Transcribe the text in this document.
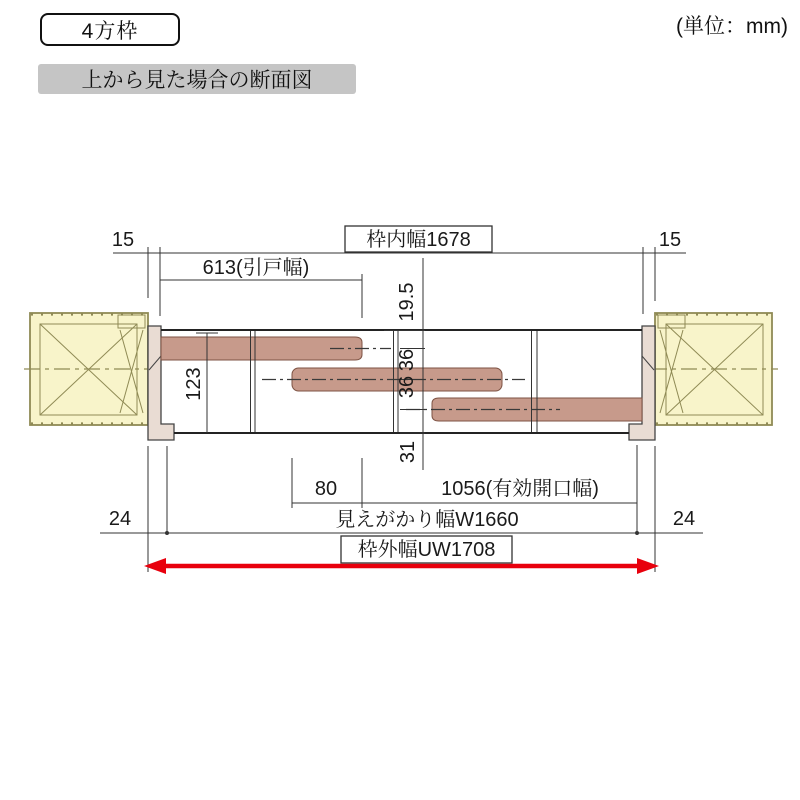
4方枠	(単位：mm)
上から見た場合の断面図
15	15
枠内幅1678
613(引戸幅)
19.5
36
36
31
123
80	1056(有効開口幅)
24	24
見えがかり幅W1660
枠外幅UW1708
